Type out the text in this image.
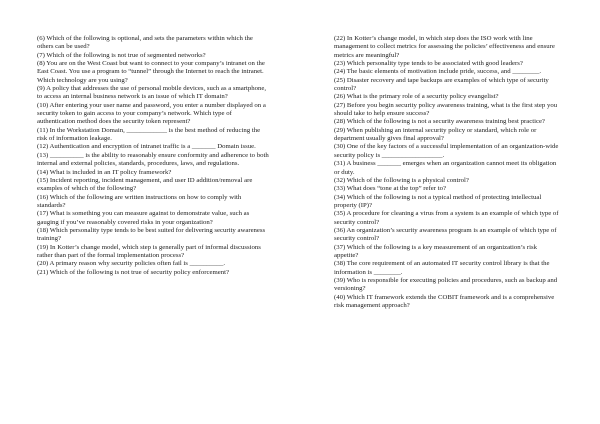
(6) Which of the following is optional, and sets the parameters within which the others can be used?

(7) Which of the following is not true of segmented networks?

(8) You are on the West Coast but want to connect to your company’s intranet on the East Coast. You use a program to “tunnel” through the Internet to reach the intranet. Which technology are you using?

(9) A policy that addresses the use of personal mobile devices, such as a smartphone, to access an internal business network is an issue of which IT domain?

(10) After entering your user name and password, you enter a number displayed on a security token to gain access to your company’s network. Which type of authentication method does the security token represent?

(11) In the Workstation Domain, ____________ is the best method of reducing the risk of information leakage.

(12) Authentication and encryption of intranet traffic is a _______ Domain issue.

(13) __________ is the ability to reasonably ensure conformity and adherence to both internal and external policies, standards, procedures, laws, and regulations.

(14) What is included in an IT policy framework?

(15) Incident reporting, incident management, and user ID addition/removal are examples of which of the following?

(16) Which of the following are written instructions on how to comply with standards?

(17) What is something you can measure against to demonstrate value, such as gauging if you’ve reasonably covered risks in your organization?

(18) Which personality type tends to be best suited for delivering security awareness training?

(19) In Kotter’s change model, which step is generally part of informal discussions rather than part of the formal implementation process?

(20) A primary reason why security policies often fail is __________.

(21) Which of the following is not true of security policy enforcement?

(22) In Kotter’s change model, in which step does the ISO work with line management to collect metrics for assessing the policies’ effectiveness and ensure metrics are meaningful?

(23) Which personality type tends to be associated with good leaders?

(24) The basic elements of motivation include pride, success, and ________.

(25) Disaster recovery and tape backups are examples of which type of security control?

(26) What is the primary role of a security policy evangelist?

(27) Before you begin security policy awareness training, what is the first step you should take to help ensure success?

(28) Which of the following is not a security awareness training best practice?

(29) When publishing an internal security policy or standard, which role or department usually gives final approval?

(30) One of the key factors of a successful implementation of an organization-wide security policy is __________________.

(31) A business _______ emerges when an organization cannot meet its obligation or duty.

(32) Which of the following is a physical control?

(33) What does “tone at the top” refer to?

(34) Which of the following is not a typical method of protecting intellectual property (IP)?

(35) A procedure for cleaning a virus from a system is an example of which type of security control?

(36) An organization’s security awareness program is an example of which type of security control?

(37) Which of the following is a key measurement of an organization’s risk appetite?

(38) The core requirement of an automated IT security control library is that the information is ________.

(39) Who is responsible for executing policies and procedures, such as backup and versioning?

(40) Which IT framework extends the COBIT framework and is a comprehensive risk management approach?
